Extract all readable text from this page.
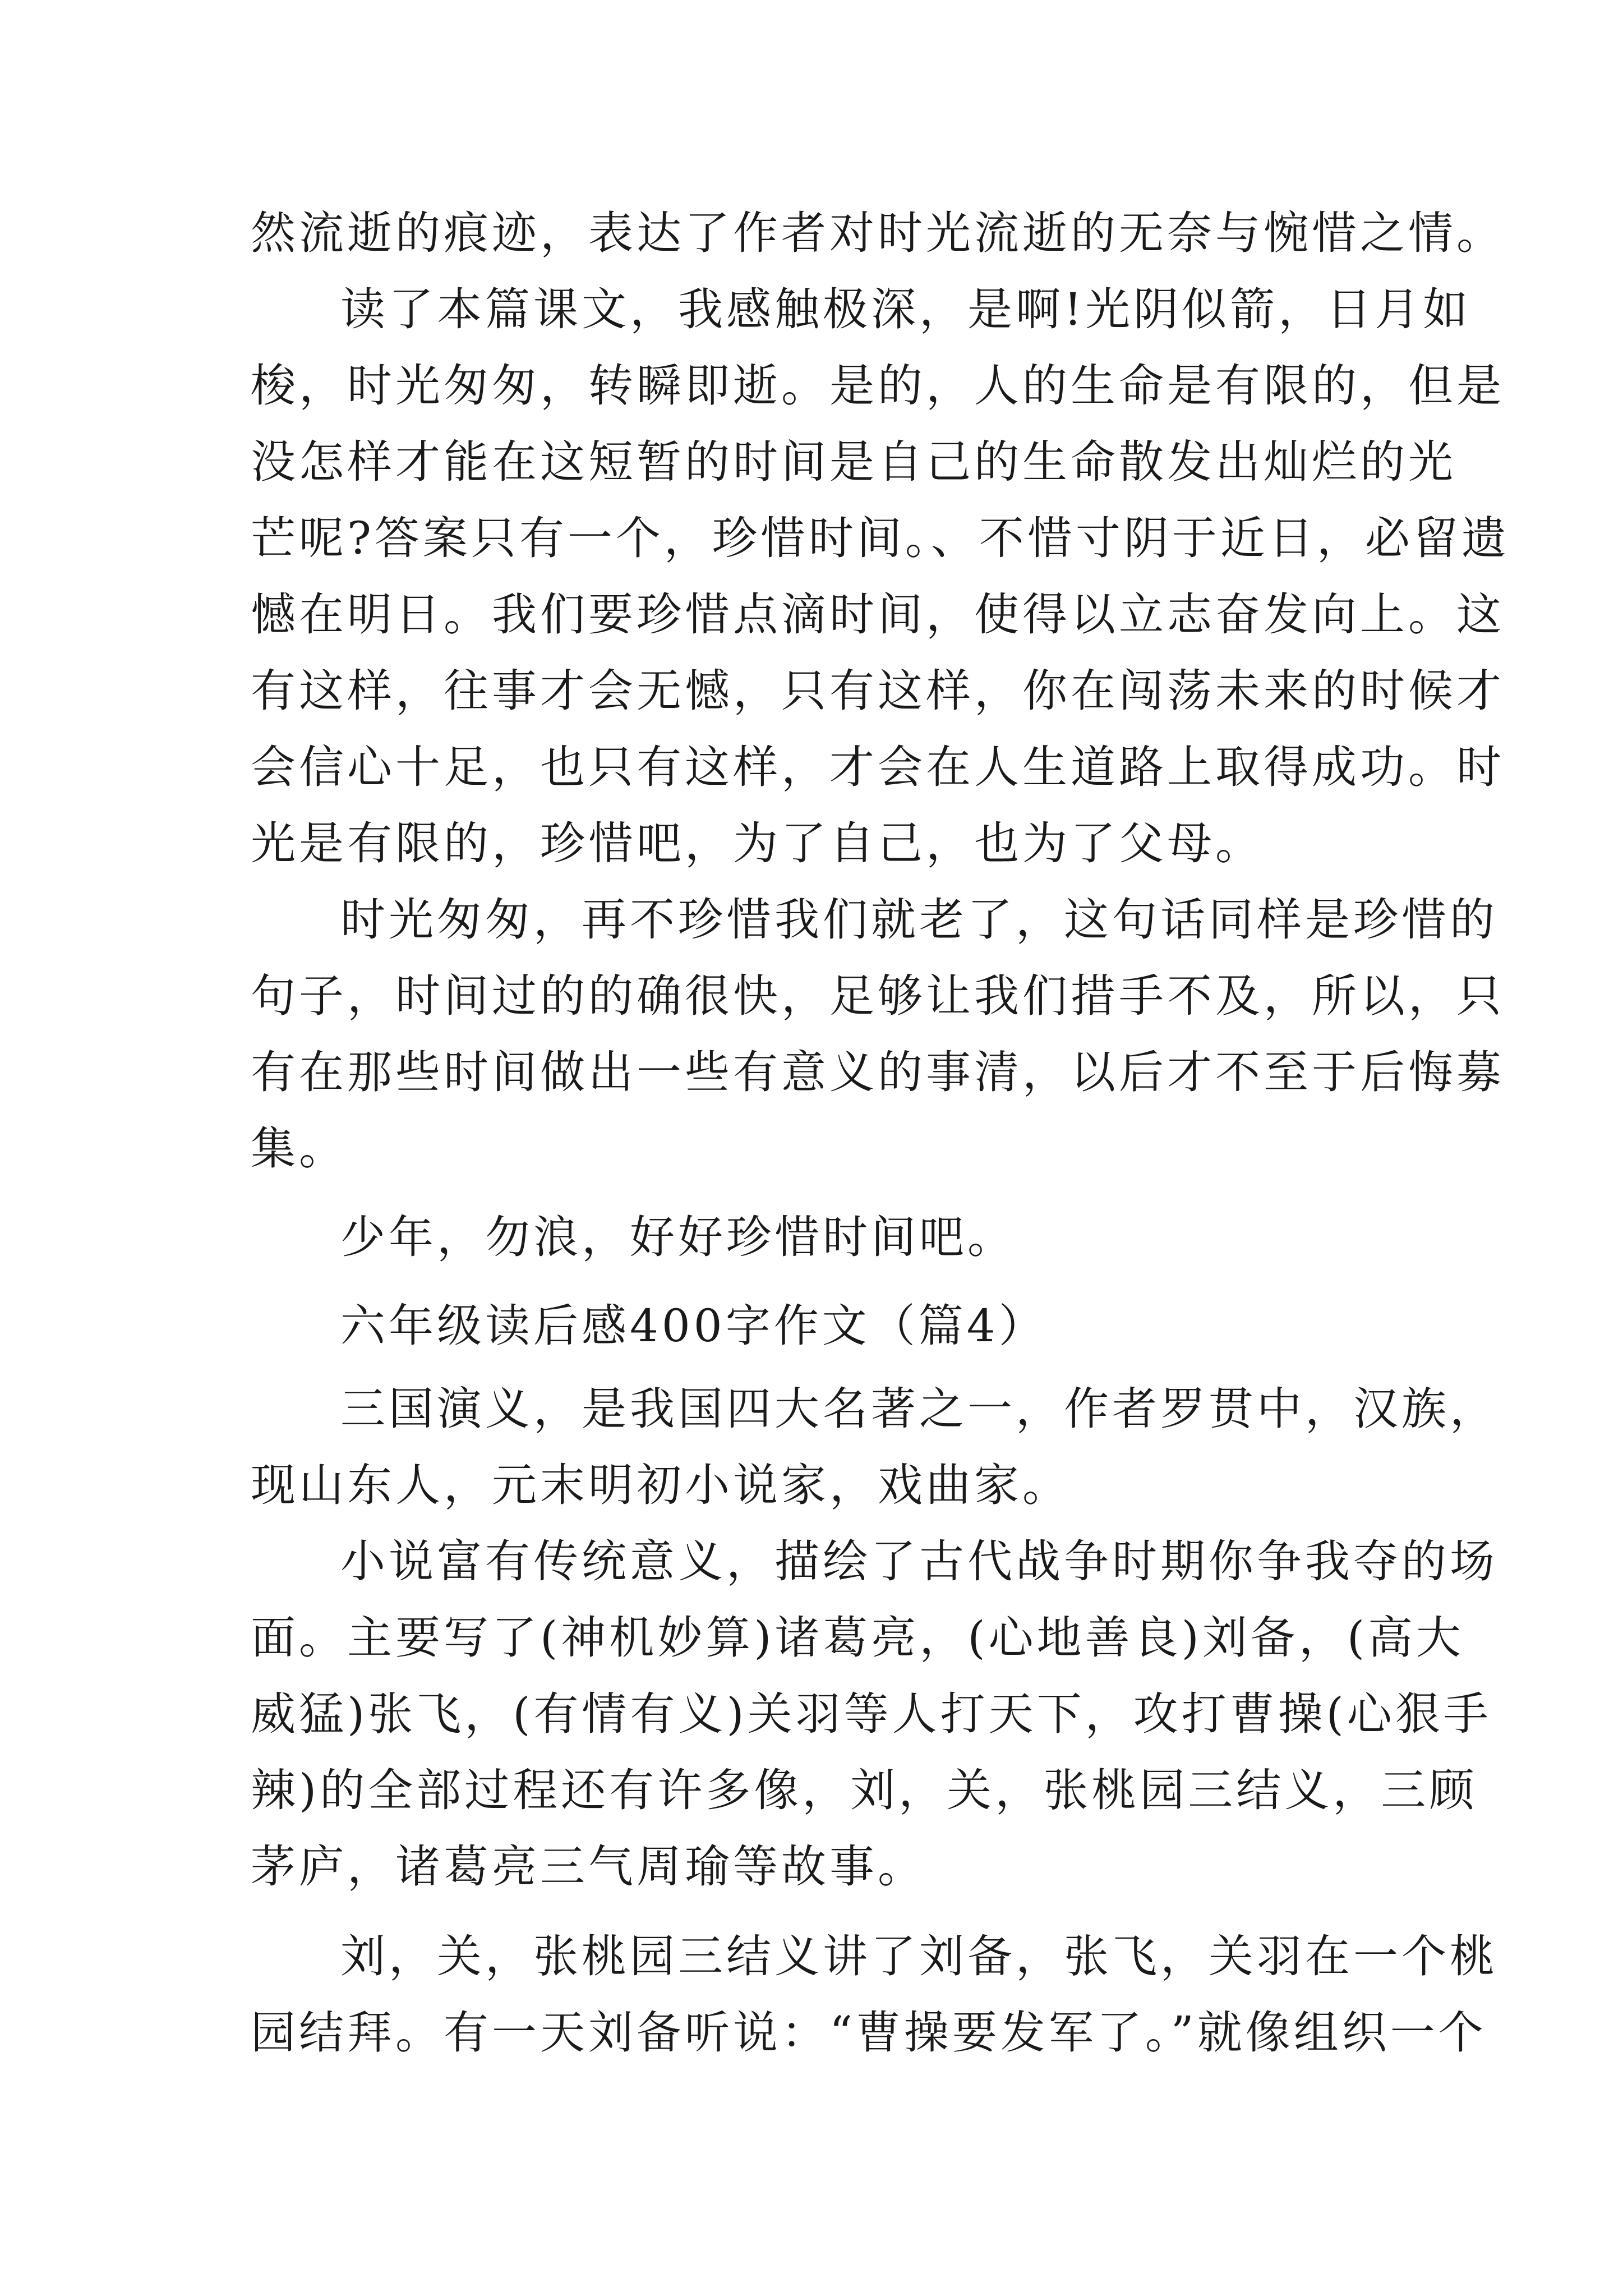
然流逝的痕迹，表达了作者对时光流逝的无奈与惋惜之情。
读了本篇课文，我感触极深，是啊!光阴似箭，日月如
梭，时光匆匆，转瞬即逝。是的，人的生命是有限的，但是
没怎样才能在这短暂的时间是自己的生命散发出灿烂的光
芒呢?答案只有一个，珍惜时间。、不惜寸阴于近日，必留遗
憾在明日。我们要珍惜点滴时间，使得以立志奋发向上。这
有这样，往事才会无憾，只有这样，你在闯荡未来的时候才
会信心十足，也只有这样，才会在人生道路上取得成功。时
光是有限的，珍惜吧，为了自己，也为了父母。
时光匆匆，再不珍惜我们就老了，这句话同样是珍惜的
句子，时间过的的确很快，足够让我们措手不及，所以，只
有在那些时间做出一些有意义的事清，以后才不至于后悔募
集。
少年，勿浪，好好珍惜时间吧。
六年级读后感400字作文（篇4）
三国演义，是我国四大名著之一，作者罗贯中，汉族，
现山东人，元末明初小说家，戏曲家。
小说富有传统意义，描绘了古代战争时期你争我夺的场
面。主要写了(神机妙算)诸葛亮，(心地善良)刘备，(高大
威猛)张飞，(有情有义)关羽等人打天下，攻打曹操(心狠手
辣)的全部过程还有许多像，刘，关，张桃园三结义，三顾
茅庐，诸葛亮三气周瑜等故事。
刘，关，张桃园三结义讲了刘备，张飞，关羽在一个桃
园结拜。有一天刘备听说：“曹操要发军了。”就像组织一个
